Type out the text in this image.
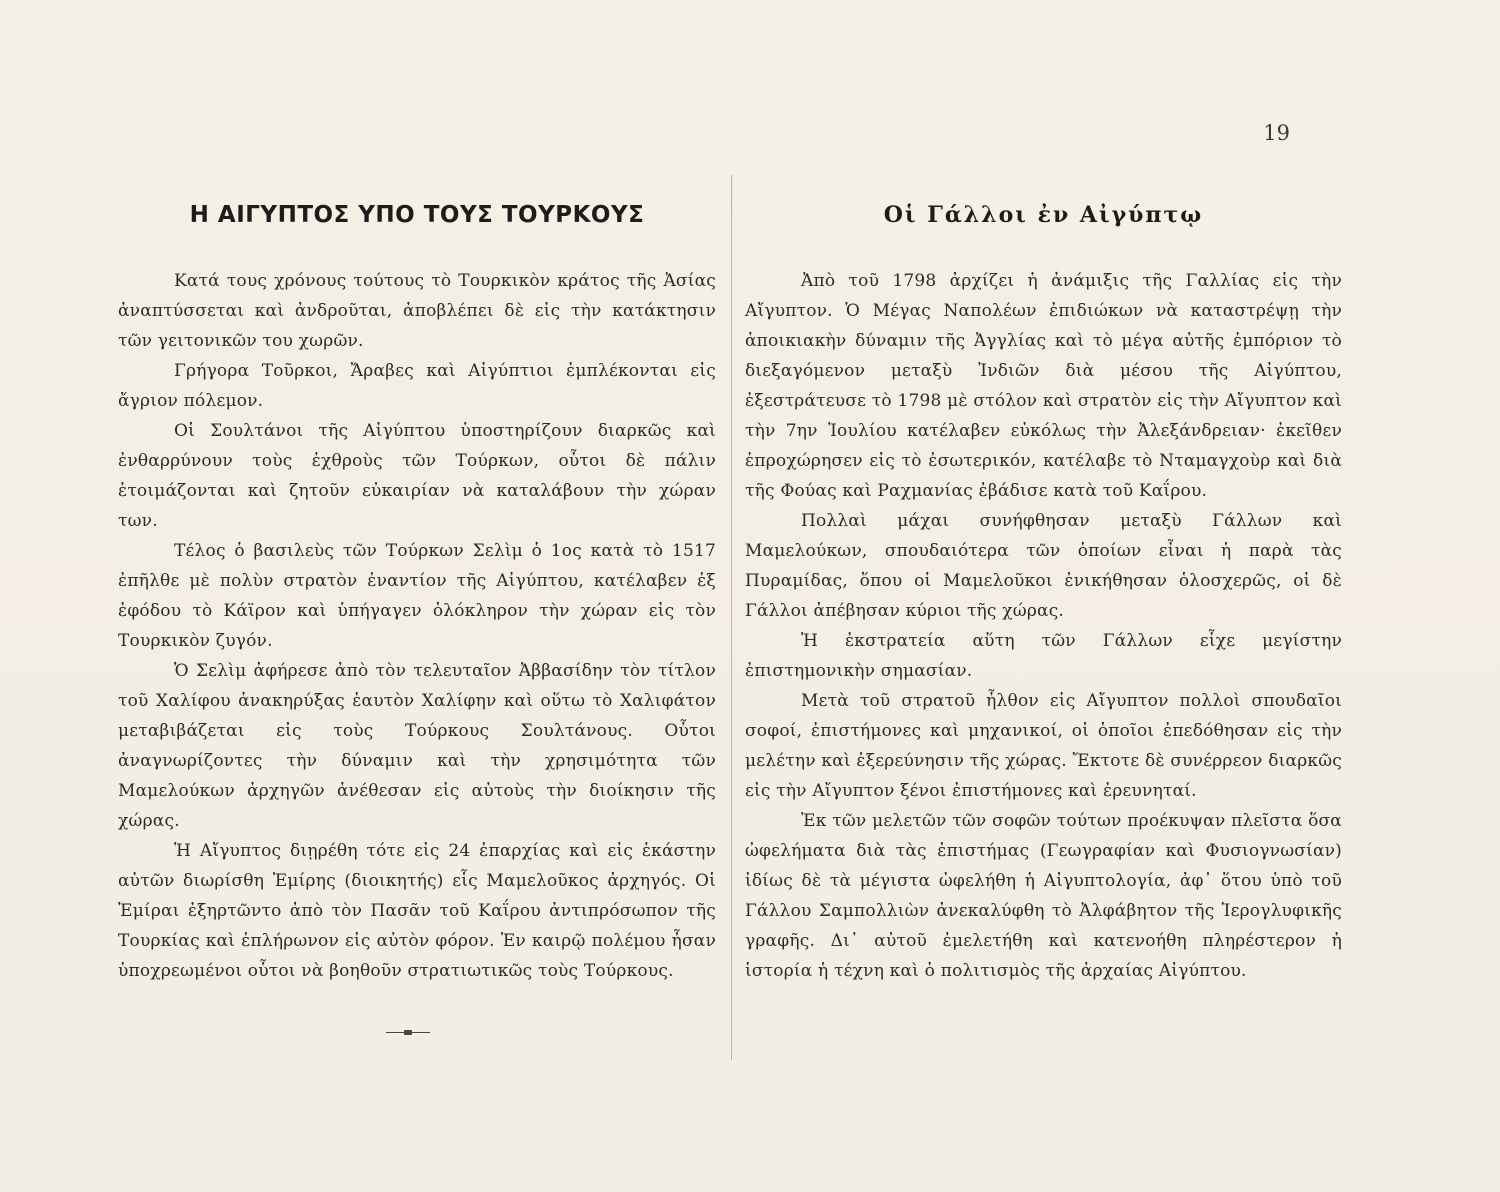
19
Η ΑΙΓΥΠΤΟΣ ΥΠΟ ΤΟΥΣ ΤΟΥΡΚΟΥΣ

Κατά τους χρόνους τούτους τὸ Τουρκικὸν κράτος τῆς Ἀσίας ἀναπτύσσεται καὶ ἀνδροῦται, ἀποβλέπει δὲ εἰς τὴν κατάκτησιν τῶν γειτονικῶν του χωρῶν.

Γρήγορα Τοῦρκοι, Ἄραβες καὶ Αἰγύπτιοι ἐμπλέκονται εἰς ἄγριον πόλεμον.

Οἱ Σουλτάνοι τῆς Αἰγύπτου ὑποστηρίζουν διαρκῶς καὶ ἐνθαρρύνουν τοὺς ἐχθροὺς τῶν Τούρκων, οὗτοι δὲ πάλιν ἑτοιμάζονται καὶ ζητοῦν εὐκαιρίαν νὰ καταλάβουν τὴν χώραν των.

Τέλος ὁ βασιλεὺς τῶν Τούρκων Σελὶμ ὁ 1ος κατὰ τὸ 1517 ἐπῆλθε μὲ πολὺν στρατὸν ἐναντίον τῆς Αἰγύπτου, κατέλαβεν ἐξ ἐφόδου τὸ Κάϊρον καὶ ὑπήγαγεν ὁλόκληρον τὴν χώραν εἰς τὸν Τουρκικὸν ζυγόν.

Ὁ Σελὶμ ἀφήρεσε ἀπὸ τὸν τελευταῖον Ἀββασίδην τὸν τίτλον τοῦ Χαλίφου ἀνακηρύξας ἑαυτὸν Χαλίφην καὶ οὕτω τὸ Χαλιφάτον μεταβιβάζεται εἰς τοὺς Τούρκους Σουλτάνους. Οὗτοι ἀναγνωρίζοντες τὴν δύναμιν καὶ τὴν χρησιμότητα τῶν Μαμελούκων ἀρχηγῶν ἀνέθεσαν εἰς αὐτοὺς τὴν διοίκησιν τῆς χώρας.

Ἡ Αἴγυπτος διῃρέθη τότε εἰς 24 ἐπαρχίας καὶ εἰς ἑκάστην αὐτῶν διωρίσθη Ἐμίρης (διοικητής) εἷς Μαμελοῦκος ἀρχηγός. Οἱ Ἐμίραι ἐξηρτῶντο ἀπὸ τὸν Πασᾶν τοῦ Καΐρου ἀντιπρόσωπον τῆς Τουρκίας καὶ ἐπλήρωνον εἰς αὐτὸν φόρον. Ἐν καιρῷ πολέμου ἦσαν ὑποχρεωμένοι οὗτοι νὰ βοηθοῦν στρατιωτικῶς τοὺς Τούρκους.

Οἱ Γάλλοι ἐν Αἰγύπτῳ

Ἀπὸ τοῦ 1798 ἀρχίζει ἡ ἀνάμιξις τῆς Γαλλίας εἰς τὴν Αἴγυπτον. Ὁ Μέγας Ναπολέων ἐπιδιώκων νὰ καταστρέψῃ τὴν ἀποικιακὴν δύναμιν τῆς Ἀγγλίας καὶ τὸ μέγα αὐτῆς ἐμπόριον τὸ διεξαγόμενον μεταξὺ Ἰνδιῶν διὰ μέσου τῆς Αἰγύπτου, ἐξεστράτευσε τὸ 1798 μὲ στόλον καὶ στρατὸν εἰς τὴν Αἴγυπτον καὶ τὴν 7ην Ἰουλίου κατέλαβεν εὐκόλως τὴν Ἀλεξάνδρειαν· ἐκεῖθεν ἐπροχώρησεν εἰς τὸ ἐσωτερικόν, κατέλαβε τὸ Νταμαγχοὺρ καὶ διὰ τῆς Φούας καὶ Ραχμανίας ἐβάδισε κατὰ τοῦ Καΐρου.

Πολλαὶ μάχαι συνήφθησαν μεταξὺ Γάλλων καὶ Μαμελούκων, σπουδαιότερα τῶν ὁποίων εἶναι ἡ παρὰ τὰς Πυραμίδας, ὅπου οἱ Μαμελοῦκοι ἐνικήθησαν ὁλοσχερῶς, οἱ δὲ Γάλλοι ἀπέβησαν κύριοι τῆς χώρας.

Ἡ ἐκστρατεία αὕτη τῶν Γάλλων εἶχε μεγίστην ἐπιστημονικὴν σημασίαν.

Μετὰ τοῦ στρατοῦ ἦλθον εἰς Αἴγυπτον πολλοὶ σπουδαῖοι σοφοί, ἐπιστήμονες καὶ μηχανικοί, οἱ ὁποῖοι ἐπεδόθησαν εἰς τὴν μελέτην καὶ ἐξερεύνησιν τῆς χώρας. Ἔκτοτε δὲ συνέρρεον διαρκῶς εἰς τὴν Αἴγυπτον ξένοι ἐπιστήμονες καὶ ἐρευνηταί.

Ἐκ τῶν μελετῶν τῶν σοφῶν τούτων προέκυψαν πλεῖστα ὅσα ὠφελήματα διὰ τὰς ἐπιστήμας (Γεωγραφίαν καὶ Φυσιογνωσίαν) ἰδίως δὲ τὰ μέγιστα ὠφελήθη ἡ Αἰγυπτολογία, ἀφ᾽ ὅτου ὑπὸ τοῦ Γάλλου Σαμπολλιὼν ἀνεκαλύφθη τὸ Ἀλφάβητον τῆς Ἱερογλυφικῆς γραφῆς. Δι᾽ αὐτοῦ ἐμελετήθη καὶ κατενοήθη πληρέστερον ἡ ἱστορία ἡ τέχνη καὶ ὁ πολιτισμὸς τῆς ἀρχαίας Αἰγύπτου.
